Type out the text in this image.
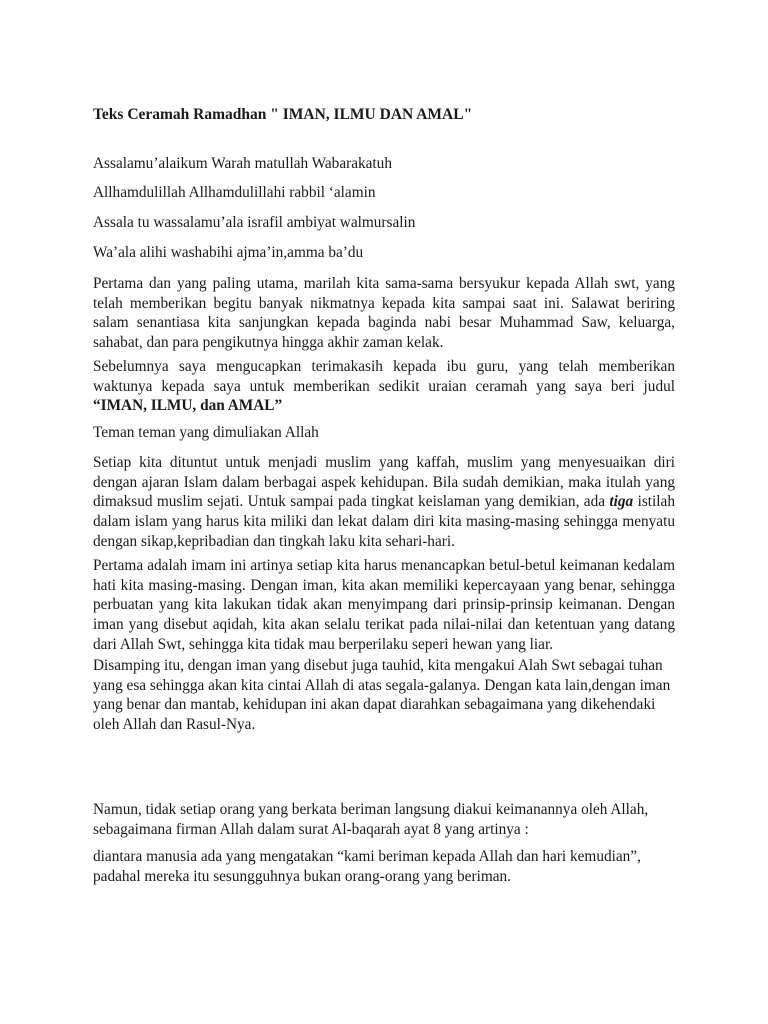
Teks Ceramah Ramadhan " IMAN, ILMU DAN AMAL"

Assalamu’alaikum Warah matullah Wabarakatuh

Allhamdulillah Allhamdulillahi rabbil ‘alamin

Assala tu wassalamu’ala israfil ambiyat walmursalin

Wa’ala alihi washabihi ajma’in,amma ba’du

Pertama dan yang paling utama, marilah kita sama-sama bersyukur kepada Allah swt, yang telah memberikan begitu banyak nikmatnya kepada kita sampai saat ini. Salawat beriring salam senantiasa kita sanjungkan kepada baginda nabi besar Muhammad Saw, keluarga, sahabat, dan para pengikutnya hingga akhir zaman kelak.

Sebelumnya saya mengucapkan terimakasih kepada ibu guru, yang telah memberikan waktunya kepada saya untuk memberikan sedikit uraian ceramah yang saya beri judul “IMAN, ILMU, dan AMAL”

Teman teman yang dimuliakan Allah

Setiap kita dituntut untuk menjadi muslim yang kaffah, muslim yang menyesuaikan diri dengan ajaran Islam dalam berbagai aspek kehidupan. Bila sudah demikian, maka itulah yang dimaksud muslim sejati. Untuk sampai pada tingkat keislaman yang demikian, ada tiga istilah dalam islam yang harus kita miliki dan lekat dalam diri kita masing-masing sehingga menyatu dengan sikap,kepribadian dan tingkah laku kita sehari-hari.

Pertama adalah imam ini artinya setiap kita harus menancapkan betul-betul keimanan kedalam hati kita masing-masing. Dengan iman, kita akan memiliki kepercayaan yang benar, sehingga perbuatan yang kita lakukan tidak akan menyimpang dari prinsip-prinsip keimanan. Dengan iman yang disebut aqidah, kita akan selalu terikat pada nilai-nilai dan ketentuan yang datang dari Allah Swt, sehingga kita tidak mau berperilaku seperi hewan yang liar.

Disamping itu, dengan iman yang disebut juga tauhid, kita mengakui Alah Swt sebagai tuhan yang esa sehingga akan kita cintai Allah di atas segala-galanya. Dengan kata lain,dengan iman yang benar dan mantab, kehidupan ini akan dapat diarahkan sebagaimana yang dikehendaki oleh Allah dan Rasul-Nya.

Namun, tidak setiap orang yang berkata beriman langsung diakui keimanannya oleh Allah, sebagaimana firman Allah dalam surat Al-baqarah ayat 8 yang artinya :

diantara manusia ada yang mengatakan “kami beriman kepada Allah dan hari kemudian”, padahal mereka itu sesungguhnya bukan orang-orang yang beriman.
